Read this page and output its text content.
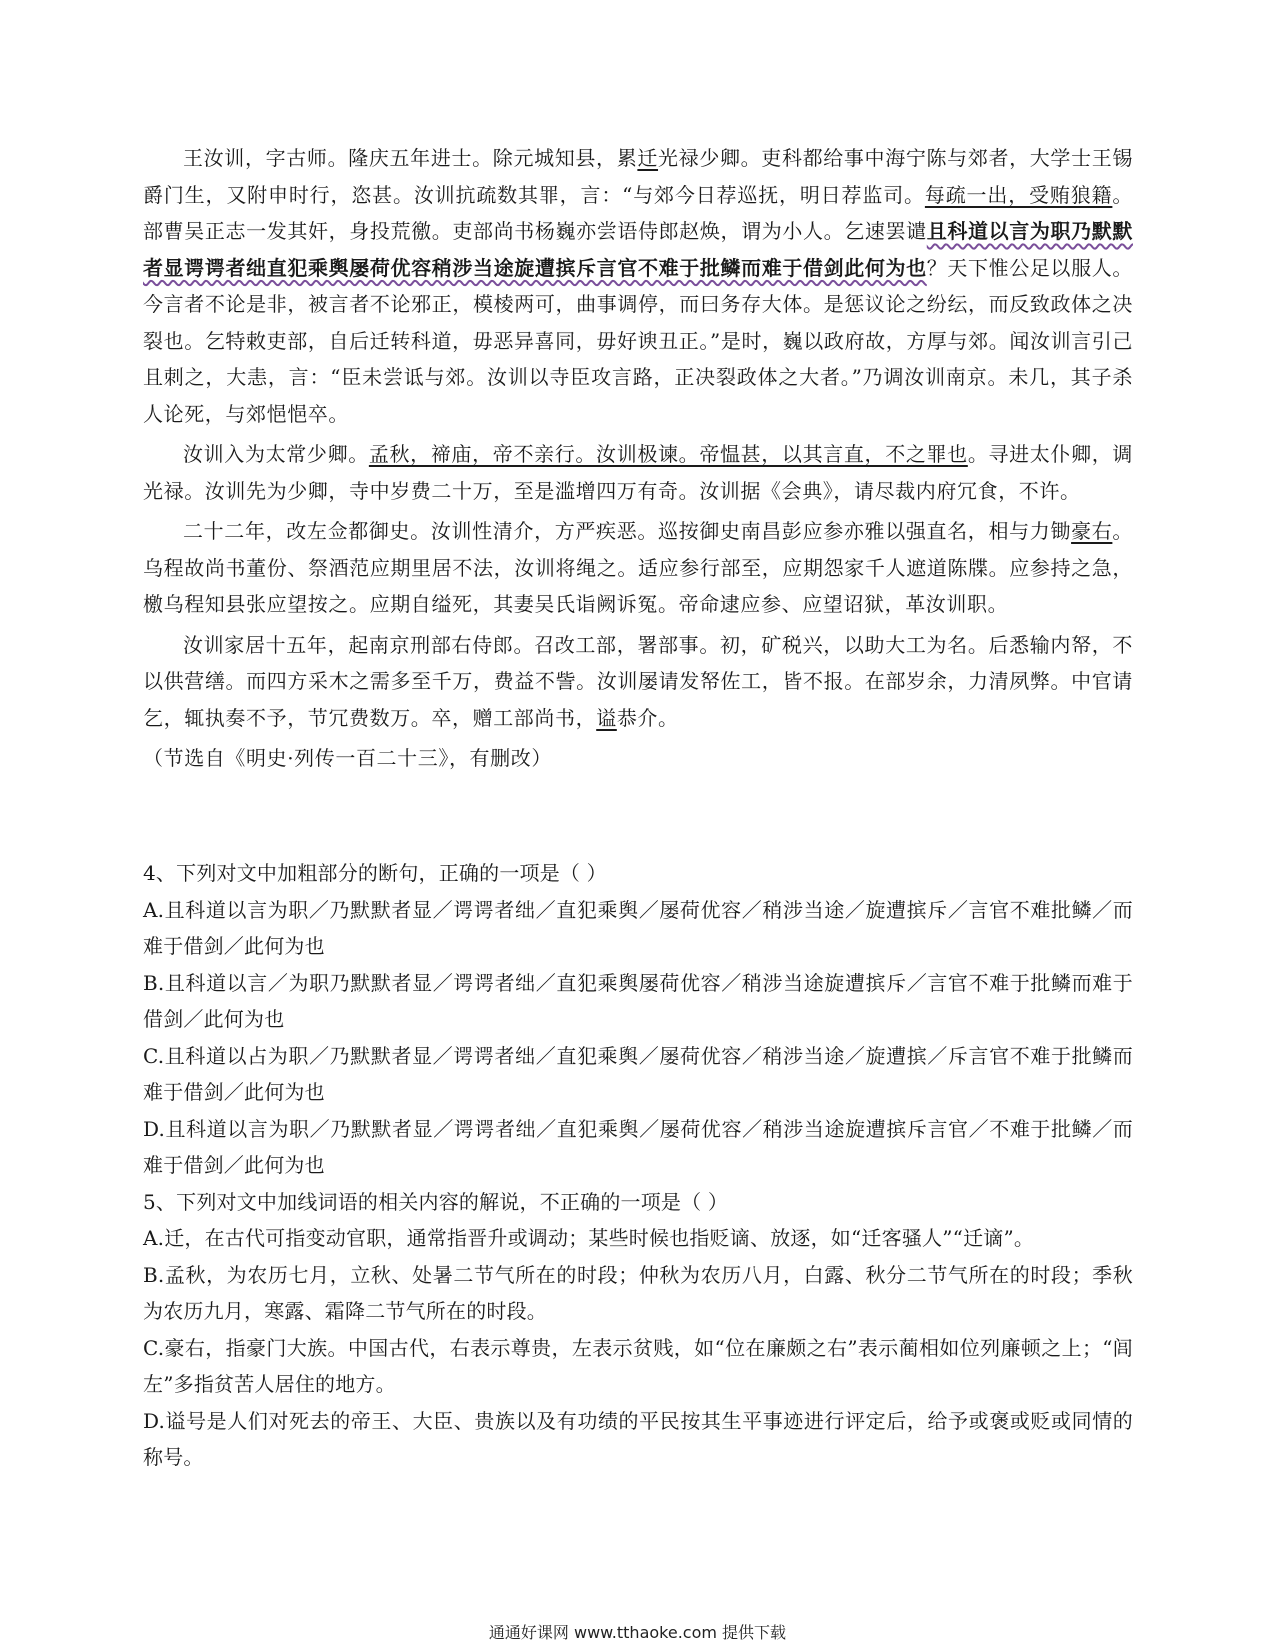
王汝训，字古师。隆庆五年进士。除元城知县，累迁光禄少卿。吏科都给事中海宁陈与郊者，大学士王锡爵门生，又附申时行，恣甚。汝训抗疏数其罪，言：“与郊今日荐巡抚，明日荐监司。每疏一出，受贿狼籍。部曹吴正志一发其奸，身投荒徼。吏部尚书杨巍亦尝语侍郎赵焕，谓为小人。乞速罢谴且科道以言为职乃默默者显谔谔者绌直犯乘舆屡荷优容稍涉当途旋遭摈斥言官不难于批鳞而难于借剑此何为也？天下惟公足以服人。今言者不论是非，被言者不论邪正，模棱两可，曲事调停，而曰务存大体。是惩议论之纷纭，而反致政体之决裂也。乞特敕吏部，自后迁转科道，毋恶异喜同，毋好谀丑正。”是时，巍以政府故，方厚与郊。闻汝训言引己且刺之，大恚，言：“臣未尝诋与郊。汝训以寺臣攻言路，正决裂政体之大者。”乃调汝训南京。未几，其子杀人论死，与郊悒悒卒。

汝训入为太常少卿。孟秋，禘庙，帝不亲行。汝训极谏。帝愠甚，以其言直，不之罪也。寻进太仆卿，调光禄。汝训先为少卿，寺中岁费二十万，至是滥增四万有奇。汝训据《会典》，请尽裁内府冗食，不许。

二十二年，改左佥都御史。汝训性清介，方严疾恶。巡按御史南昌彭应参亦雅以强直名，相与力锄豪右。乌程故尚书董份、祭酒范应期里居不法，汝训将绳之。适应参行部至，应期怨家千人遮道陈牒。应参持之急，檄乌程知县张应望按之。应期自缢死，其妻吴氏诣阙诉冤。帝命逮应参、应望诏狱，革汝训职。

汝训家居十五年，起南京刑部右侍郎。召改工部，署部事。初，矿税兴，以助大工为名。后悉输内帑，不以供营缮。而四方采木之需多至千万，费益不訾。汝训屡请发帑佐工，皆不报。在部岁余，力清夙弊。中官请乞，辄执奏不予，节冗费数万。卒，赠工部尚书，谥恭介。

（节选自《明史·列传一百二十三》，有删改）

4、下列对文中加粗部分的断句，正确的一项是（ ）

A.且科道以言为职／乃默默者显／谔谔者绌／直犯乘舆／屡荷优容／稍涉当途／旋遭摈斥／言官不难批鳞／而难于借剑／此何为也

B.且科道以言／为职乃默默者显／谔谔者绌／直犯乘舆屡荷优容／稍涉当途旋遭摈斥／言官不难于批鳞而难于借剑／此何为也

C.且科道以占为职／乃默默者显／谔谔者绌／直犯乘舆／屡荷优容／稍涉当途／旋遭摈／斥言官不难于批鳞而难于借剑／此何为也

D.且科道以言为职／乃默默者显／谔谔者绌／直犯乘舆／屡荷优容／稍涉当途旋遭摈斥言官／不难于批鳞／而难于借剑／此何为也

5、下列对文中加线词语的相关内容的解说，不正确的一项是（ ）

A.迁，在古代可指变动官职，通常指晋升或调动；某些时候也指贬谪、放逐，如“迁客骚人”“迁谪”。

B.孟秋，为农历七月，立秋、处暑二节气所在的时段；仲秋为农历八月，白露、秋分二节气所在的时段；季秋为农历九月，寒露、霜降二节气所在的时段。

C.豪右，指豪门大族。中国古代，右表示尊贵，左表示贫贱，如“位在廉颇之右”表示蔺相如位列廉顿之上；“闾左”多指贫苦人居住的地方。

D.谥号是人们对死去的帝王、大臣、贵族以及有功绩的平民按其生平事迹进行评定后，给予或褒或贬或同情的称号。

通通好课网 www.tthaoke.com 提供下载
